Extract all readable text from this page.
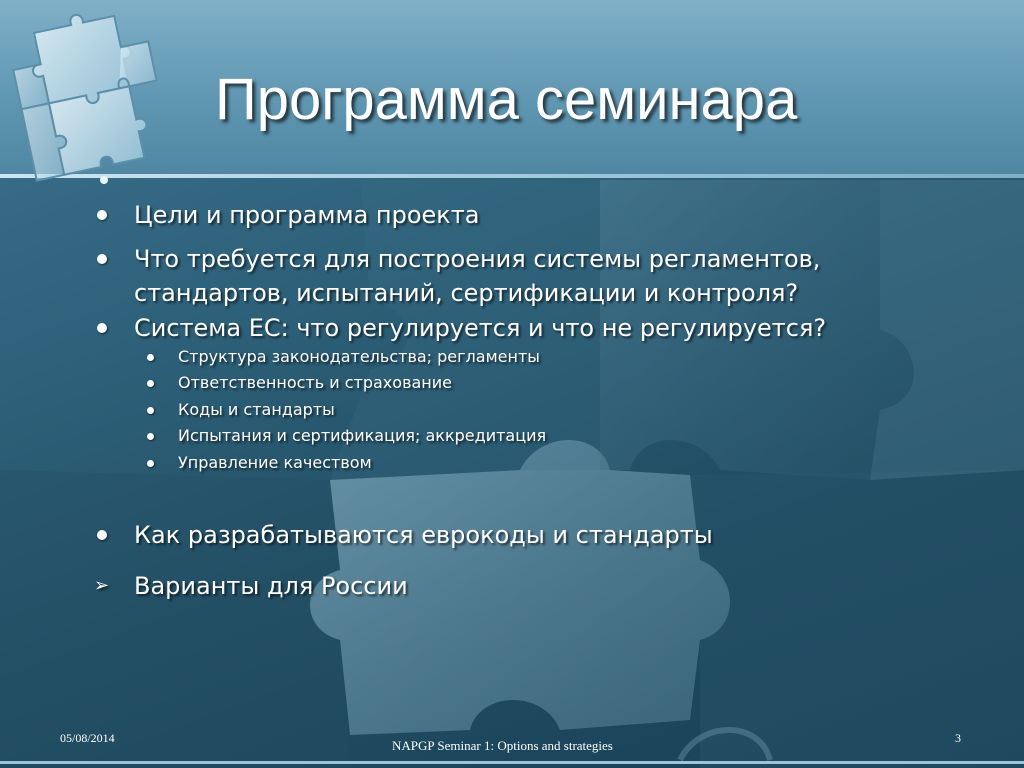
Программа семинара
Цели и программа проекта
Что требуется для построения системы регламентов, стандартов, испытаний, сертификации и контроля?
Система ЕС: что регулируется и что не регулируется?
Структура законодательства; регламенты
Ответственность и страхование
Коды и стандарты
Испытания и сертификация; аккредитация
Управление качеством
Как разрабатываются еврокоды и стандарты
➢ Варианты для России
05/08/2014	NAPGP Seminar 1: Options and strategies	3
